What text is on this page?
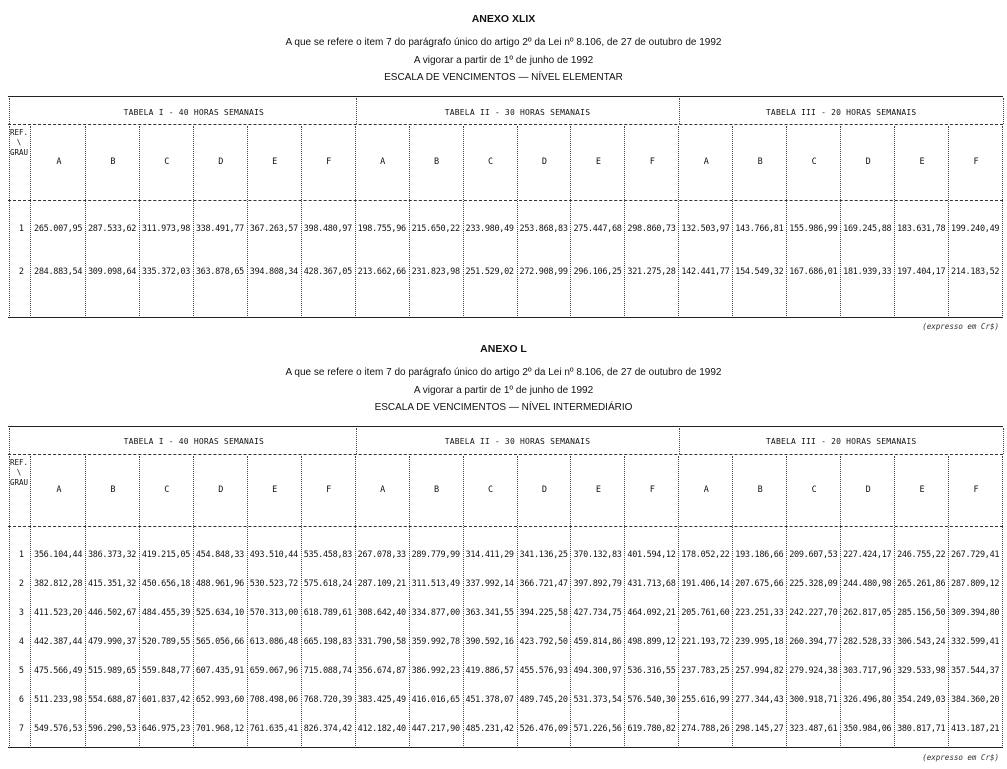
ANEXO XLIX
A que se refere o item 7 do parágrafo único do artigo 2º da Lei nº 8.106, de 27 de outubro de 1992
A vigorar a partir de 1º de junho de 1992
ESCALA DE VENCIMENTOS — NÍVEL ELEMENTAR
TABELA I - 40 HORAS SEMANAIS	TABELA II - 30 HORAS SEMANAIS	TABELA III - 20 HORAS SEMANAIS
REF.
\
GRAU
A	B	C	D	E	F	A	B	C	D	E	F	A	B	C	D	E	F
1 265.007,95 287.533,62 311.973,98 338.491,77 367.263,57 398.480,97 198.755,96 215.650,22 233.980,49 253.868,83 275.447,68 298.860,73 132.503,97 143.766,81 155.986,99 169.245,88 183.631,78 199.240,49
2 284.883,54 309.098,64 335.372,03 363.878,65 394.808,34 428.367,05 213.662,66 231.823,98 251.529,02 272.908,99 296.106,25 321.275,28 142.441,77 154.549,32 167.686,01 181.939,33 197.404,17 214.183,52
(expresso em Cr$)
ANEXO L
A que se refere o item 7 do parágrafo único do artigo 2º da Lei nº 8.106, de 27 de outubro de 1992
A vigorar a partir de 1º de junho de 1992
ESCALA DE VENCIMENTOS — NÍVEL INTERMEDIÁRIO
TABELA I - 40 HORAS SEMANAIS	TABELA II - 30 HORAS SEMANAIS	TABELA III - 20 HORAS SEMANAIS
REF.
\
GRAU
A	B	C	D	E	F	A	B	C	D	E	F	A	B	C	D	E	F
1 356.104,44 386.373,32 419.215,05 454.848,33 493.510,44 535.458,83 267.078,33 289.779,99 314.411,29 341.136,25 370.132,83 401.594,12 178.052,22 193.186,66 209.607,53 227.424,17 246.755,22 267.729,41
2 382.812,28 415.351,32 450.656,18 488.961,96 530.523,72 575.618,24 287.109,21 311.513,49 337.992,14 366.721,47 397.892,79 431.713,68 191.406,14 207.675,66 225.328,09 244.480,98 265.261,86 287.809,12
3 411.523,20 446.502,67 484.455,39 525.634,10 570.313,00 618.789,61 308.642,40 334.877,00 363.341,55 394.225,58 427.734,75 464.092,21 205.761,60 223.251,33 242.227,70 262.817,05 285.156,50 309.394,80
4 442.387,44 479.990,37 520.789,55 565.056,66 613.086,48 665.198,83 331.790,58 359.992,78 390.592,16 423.792,50 459.814,86 498.899,12 221.193,72 239.995,18 260.394,77 282.528,33 306.543,24 332.599,41
5 475.566,49 515.989,65 559.848,77 607.435,91 659.067,96 715.088,74 356.674,87 386.992,23 419.886,57 455.576,93 494.300,97 536.316,55 237.783,25 257.994,82 279.924,38 303.717,96 329.533,98 357.544,37
6 511.233,98 554.688,87 601.837,42 652.993,60 708.498,06 768.720,39 383.425,49 416.016,65 451.378,07 489.745,20 531.373,54 576.540,30 255.616,99 277.344,43 300.918,71 326.496,80 354.249,03 384.360,20
7 549.576,53 596.290,53 646.975,23 701.968,12 761.635,41 826.374,42 412.182,40 447.217,90 485.231,42 526.476,09 571.226,56 619.780,82 274.788,26 298.145,27 323.487,61 350.984,06 380.817,71 413.187,21
(expresso em Cr$)
